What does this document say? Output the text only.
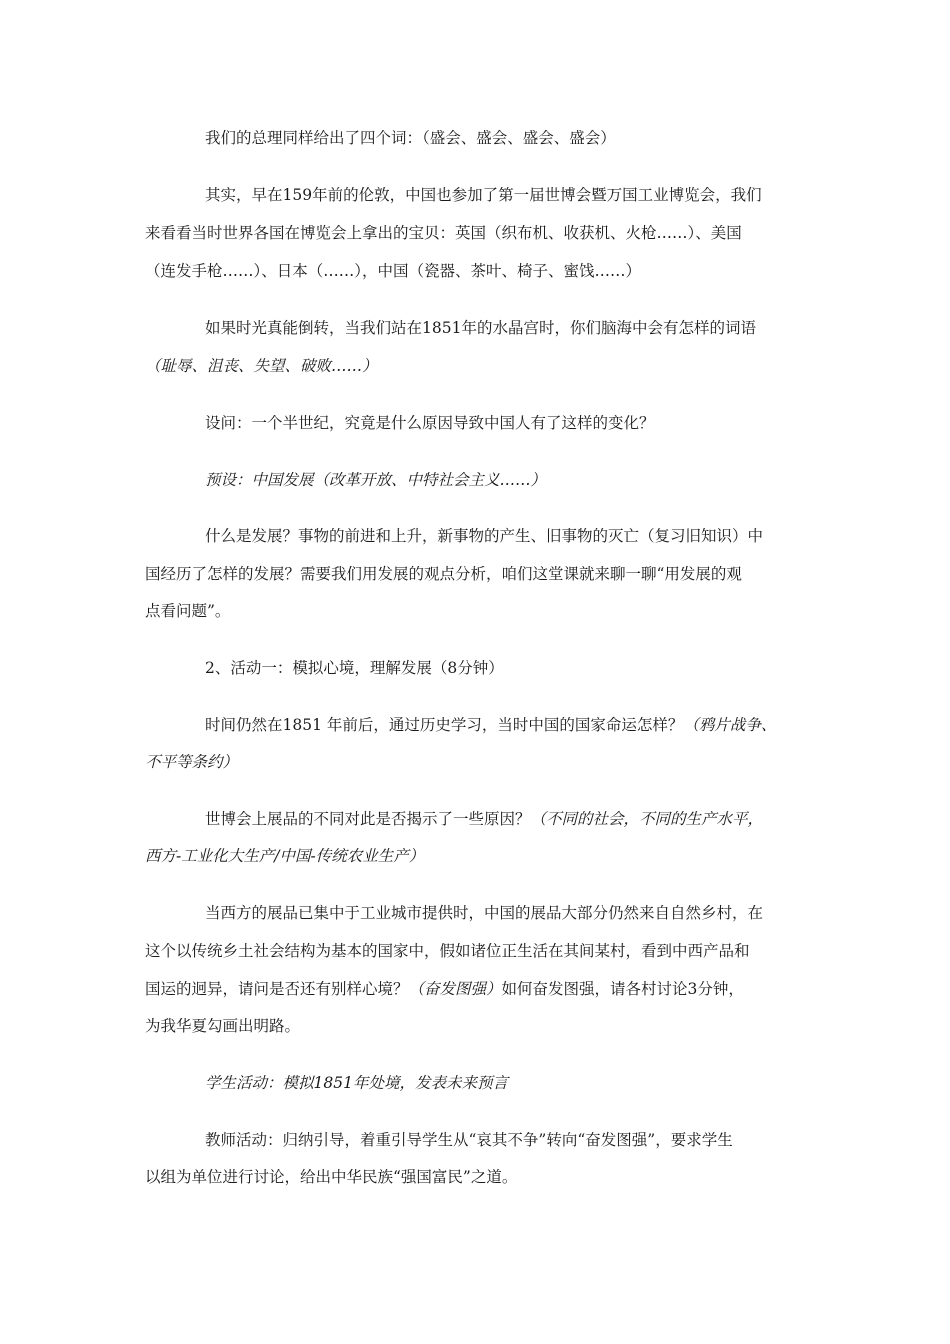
我们的总理同样给出了四个词：（盛会、盛会、盛会、盛会）
其实，早在159年前的伦敦，中国也参加了第一届世博会暨万国工业博览会，我们
来看看当时世界各国在博览会上拿出的宝贝：英国（织布机、收获机、火枪……）、美国
（连发手枪……）、日本（……），中国（瓷器、茶叶、椅子、蜜饯……）
如果时光真能倒转，当我们站在1851年的水晶宫时，你们脑海中会有怎样的词语
（耻辱、沮丧、失望、破败……）
设问：一个半世纪，究竟是什么原因导致中国人有了这样的变化？
预设：中国发展（改革开放、中特社会主义……）
什么是发展？事物的前进和上升，新事物的产生、旧事物的灭亡（复习旧知识）中
国经历了怎样的发展？需要我们用发展的观点分析，咱们这堂课就来聊一聊“用发展的观
点看问题”。
2、活动一：模拟心境，理解发展（8分钟）
时间仍然在1851 年前后，通过历史学习，当时中国的国家命运怎样？（鸦片战争、
不平等条约）
世博会上展品的不同对此是否揭示了一些原因？（不同的社会，不同的生产水平，
西方-工业化大生产/中国-传统农业生产）
当西方的展品已集中于工业城市提供时，中国的展品大部分仍然来自自然乡村，在
这个以传统乡土社会结构为基本的国家中，假如诸位正生活在其间某村，看到中西产品和
国运的迥异，请问是否还有别样心境？（奋发图强）如何奋发图强，请各村讨论3分钟，
为我华夏勾画出明路。
学生活动：模拟1851年处境，发表未来预言
教师活动：归纳引导，着重引导学生从“哀其不争”转向“奋发图强”，要求学生
以组为单位进行讨论，给出中华民族“强国富民”之道。
